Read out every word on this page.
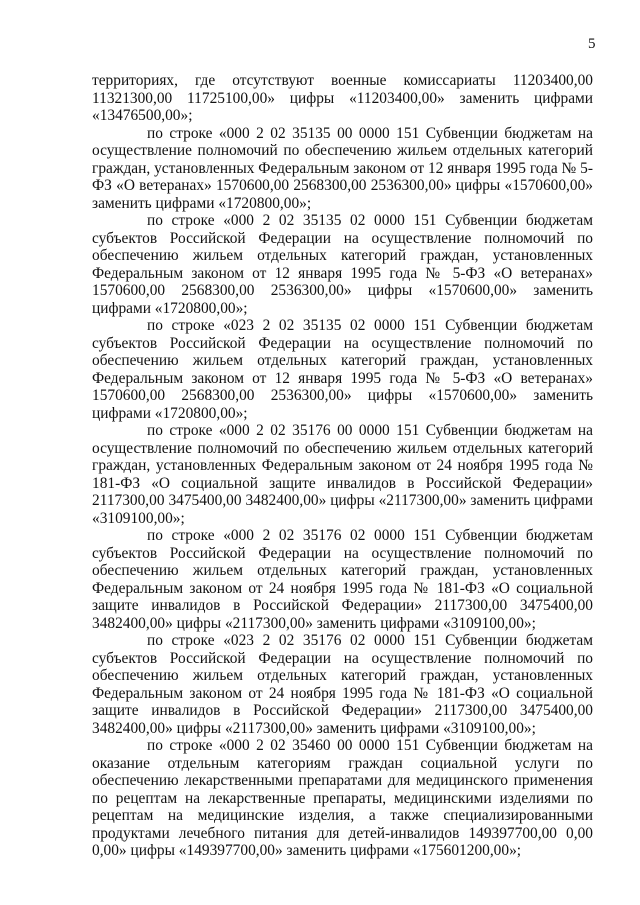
5

территориях, где отсутствуют военные комиссариаты 11203400,00 11321300,00 11725100,00» цифры «11203400,00» заменить цифрами «13476500,00»;

по строке «000 2 02 35135 00 0000 151 Субвенции бюджетам на осуществление полномочий по обеспечению жильем отдельных категорий граждан, установленных Федеральным законом от 12 января 1995 года № 5-ФЗ «О ветеранах» 1570600,00 2568300,00 2536300,00» цифры «1570600,00» заменить цифрами «1720800,00»;

по строке «000 2 02 35135 02 0000 151 Субвенции бюджетам субъектов Российской Федерации на осуществление полномочий по обеспечению жильем отдельных категорий граждан, установленных Федеральным законом от 12 января 1995 года № 5-ФЗ «О ветеранах» 1570600,00 2568300,00 2536300,00» цифры «1570600,00» заменить цифрами «1720800,00»;

по строке «023 2 02 35135 02 0000 151 Субвенции бюджетам субъектов Российской Федерации на осуществление полномочий по обеспечению жильем отдельных категорий граждан, установленных Федеральным законом от 12 января 1995 года № 5-ФЗ «О ветеранах» 1570600,00 2568300,00 2536300,00» цифры «1570600,00» заменить цифрами «1720800,00»;

по строке «000 2 02 35176 00 0000 151 Субвенции бюджетам на осуществление полномочий по обеспечению жильем отдельных категорий граждан, установленных Федеральным законом от 24 ноября 1995 года № 181-ФЗ «О социальной защите инвалидов в Российской Федерации» 2117300,00 3475400,00 3482400,00» цифры «2117300,00» заменить цифрами «3109100,00»;

по строке «000 2 02 35176 02 0000 151 Субвенции бюджетам субъектов Российской Федерации на осуществление полномочий по обеспечению жильем отдельных категорий граждан, установленных Федеральным законом от 24 ноября 1995 года № 181-ФЗ «О социальной защите инвалидов в Российской Федерации» 2117300,00 3475400,00 3482400,00» цифры «2117300,00» заменить цифрами «3109100,00»;

по строке «023 2 02 35176 02 0000 151 Субвенции бюджетам субъектов Российской Федерации на осуществление полномочий по обеспечению жильем отдельных категорий граждан, установленных Федеральным законом от 24 ноября 1995 года № 181-ФЗ «О социальной защите инвалидов в Российской Федерации» 2117300,00 3475400,00 3482400,00» цифры «2117300,00» заменить цифрами «3109100,00»;

по строке «000 2 02 35460 00 0000 151 Субвенции бюджетам на оказание отдельным категориям граждан социальной услуги по обеспечению лекарственными препаратами для медицинского применения по рецептам на лекарственные препараты, медицинскими изделиями по рецептам на медицинские изделия, а также специализированными продуктами лечебного питания для детей-инвалидов 149397700,00 0,00 0,00» цифры «149397700,00» заменить цифрами «175601200,00»;
